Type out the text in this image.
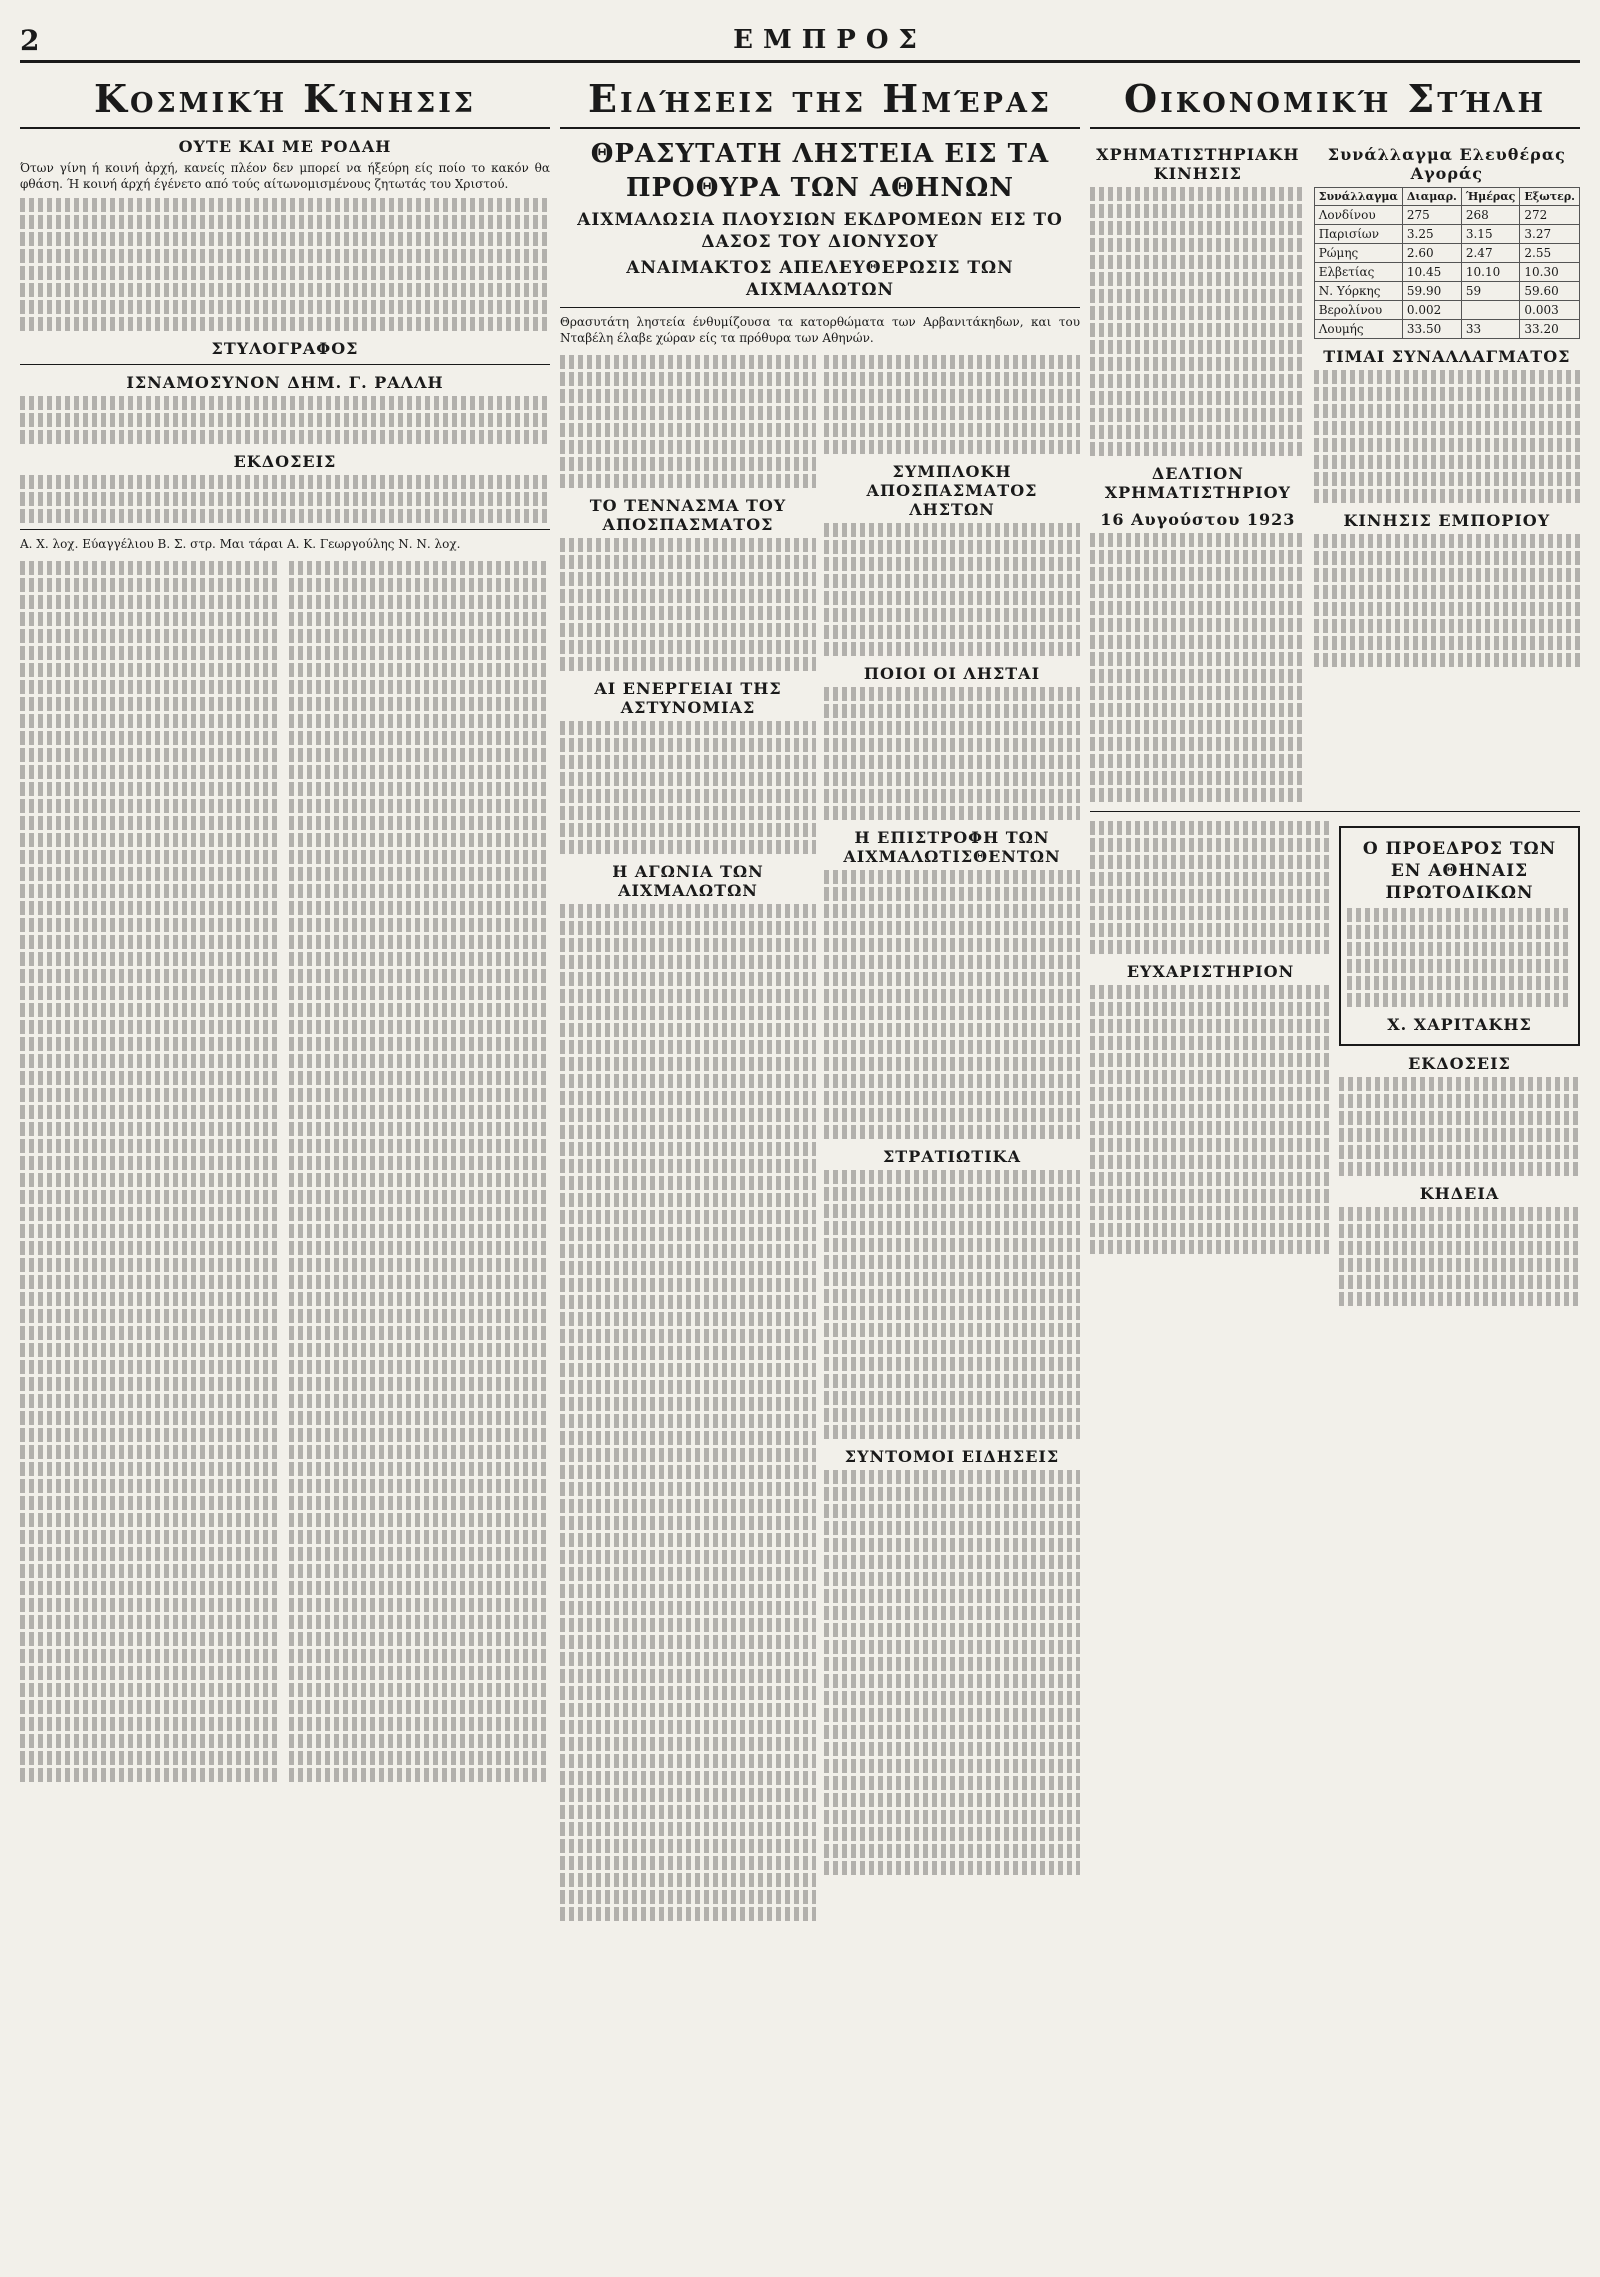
2	ΕΜΠΡΟΣ
Κοσμική Κίνησις
ΟΥΤΕ ΚΑΙ ΜΕ ΡΟΔΑΗ

Ότων γίνη ή κοινή ἀρχή, κανείς πλέον δεν μπορεί να ήξεύρη είς ποίο το κακόν θα φθάση. Ή κοινή άρχή έγένετο από τούς αίτωνομισμένους ζητωτάς του Χριστού.

ΣΤΥΛΟΓΡΑΦΟΣ
ΙΣΝΑΜΟΣΥΝΟΝ ΔΗΜ. Γ. ΡΑΛΛΗ
ΕΚΔΟΣΕΙΣ

Α. Χ. λοχ. Εύαγγέλιου Β. Σ. στρ. Μαι τάραι Α. Κ. Γεωργούλης Ν. Ν. λοχ.

Ειδήσεις της Ημέρας
ΘΡΑΣΥΤΑΤΗ ΛΗΣΤΕΙΑ ΕΙΣ ΤΑ ΠΡΟΘΥΡΑ ΤΩΝ ΑΘΗΝΩΝ
ΑΙΧΜΑΛΩΣΙΑ ΠΛΟΥΣΙΩΝ ΕΚΔΡΟΜΕΩΝ ΕΙΣ ΤΟ ΔΑΣΟΣ ΤΟΥ ΔΙΟΝΥΣΟΥ
ΑΝΑΙΜΑΚΤΟΣ ΑΠΕΛΕΥΘΕΡΩΣΙΣ ΤΩΝ ΑΙΧΜΑΛΩΤΩΝ

Θρασυτάτη ληστεία ένθυμίζουσα τα κατορθώματα των Αρβανιτάκηδων, και του Νταβέλη έλαβε χώραν είς τα πρόθυρα των Αθηνών.

ΤΟ ΤΕΝΝΑΣΜΑ ΤΟΥ ΑΠΟΣΠΑΣΜΑΤΟΣ
ΑΙ ΕΝΕΡΓΕΙΑΙ ΤΗΣ ΑΣΤΥΝΟΜΙΑΣ
Η ΑΓΩΝΙΑ ΤΩΝ ΑΙΧΜΑΛΩΤΩΝ
ΣΥΜΠΛΟΚΗ ΑΠΟΣΠΑΣΜΑΤΟΣ ΛΗΣΤΩΝ
ΠΟΙΟΙ ΟΙ ΛΗΣΤΑΙ
Η ΕΠΙΣΤΡΟΦΗ ΤΩΝ ΑΙΧΜΑΛΩΤΙΣΘΕΝΤΩΝ
ΣΤΡΑΤΙΩΤΙΚΑ
ΣΥΝΤΟΜΟΙ ΕΙΔΗΣΕΙΣ
Οικονομική Στήλη
ΧΡΗΜΑΤΙΣΤΗΡΙΑΚΗ ΚΙΝΗΣΙΣ
ΔΕΛΤΙΟΝ ΧΡΗΜΑΤΙΣΤΗΡΙΟΥ
16 Αυγούστου 1923
Συνάλλαγμα Ελευθέρας Αγοράς
Συνάλλαγμα	Διαμαρ.	Ήμέρας	Εξωτερ.
Λονδίνου	275	268	272
Παρισίων	3.25	3.15	3.27
Ρώμης	2.60	2.47	2.55
Ελβετίας	10.45	10.10	10.30
Ν. Υόρκης	59.90	59	59.60
Βερολίνου	0.002		0.003
Λουμής	33.50	33	33.20
ΤΙΜΑΙ ΣΥΝΑΛΛΑΓΜΑΤΟΣ
ΚΙΝΗΣΙΣ ΕΜΠΟΡΙΟΥ
ΕΥΧΑΡΙΣΤΗΡΙΟΝ
Ο ΠΡΟΕΔΡΟΣ ΤΩΝ ΕΝ ΑΘΗΝΑΙΣ ΠΡΩΤΟΔΙΚΩΝ
Χ. ΧΑΡΙΤΑΚΗΣ
ΕΚΔΟΣΕΙΣ
ΚΗΔΕΙΑ
